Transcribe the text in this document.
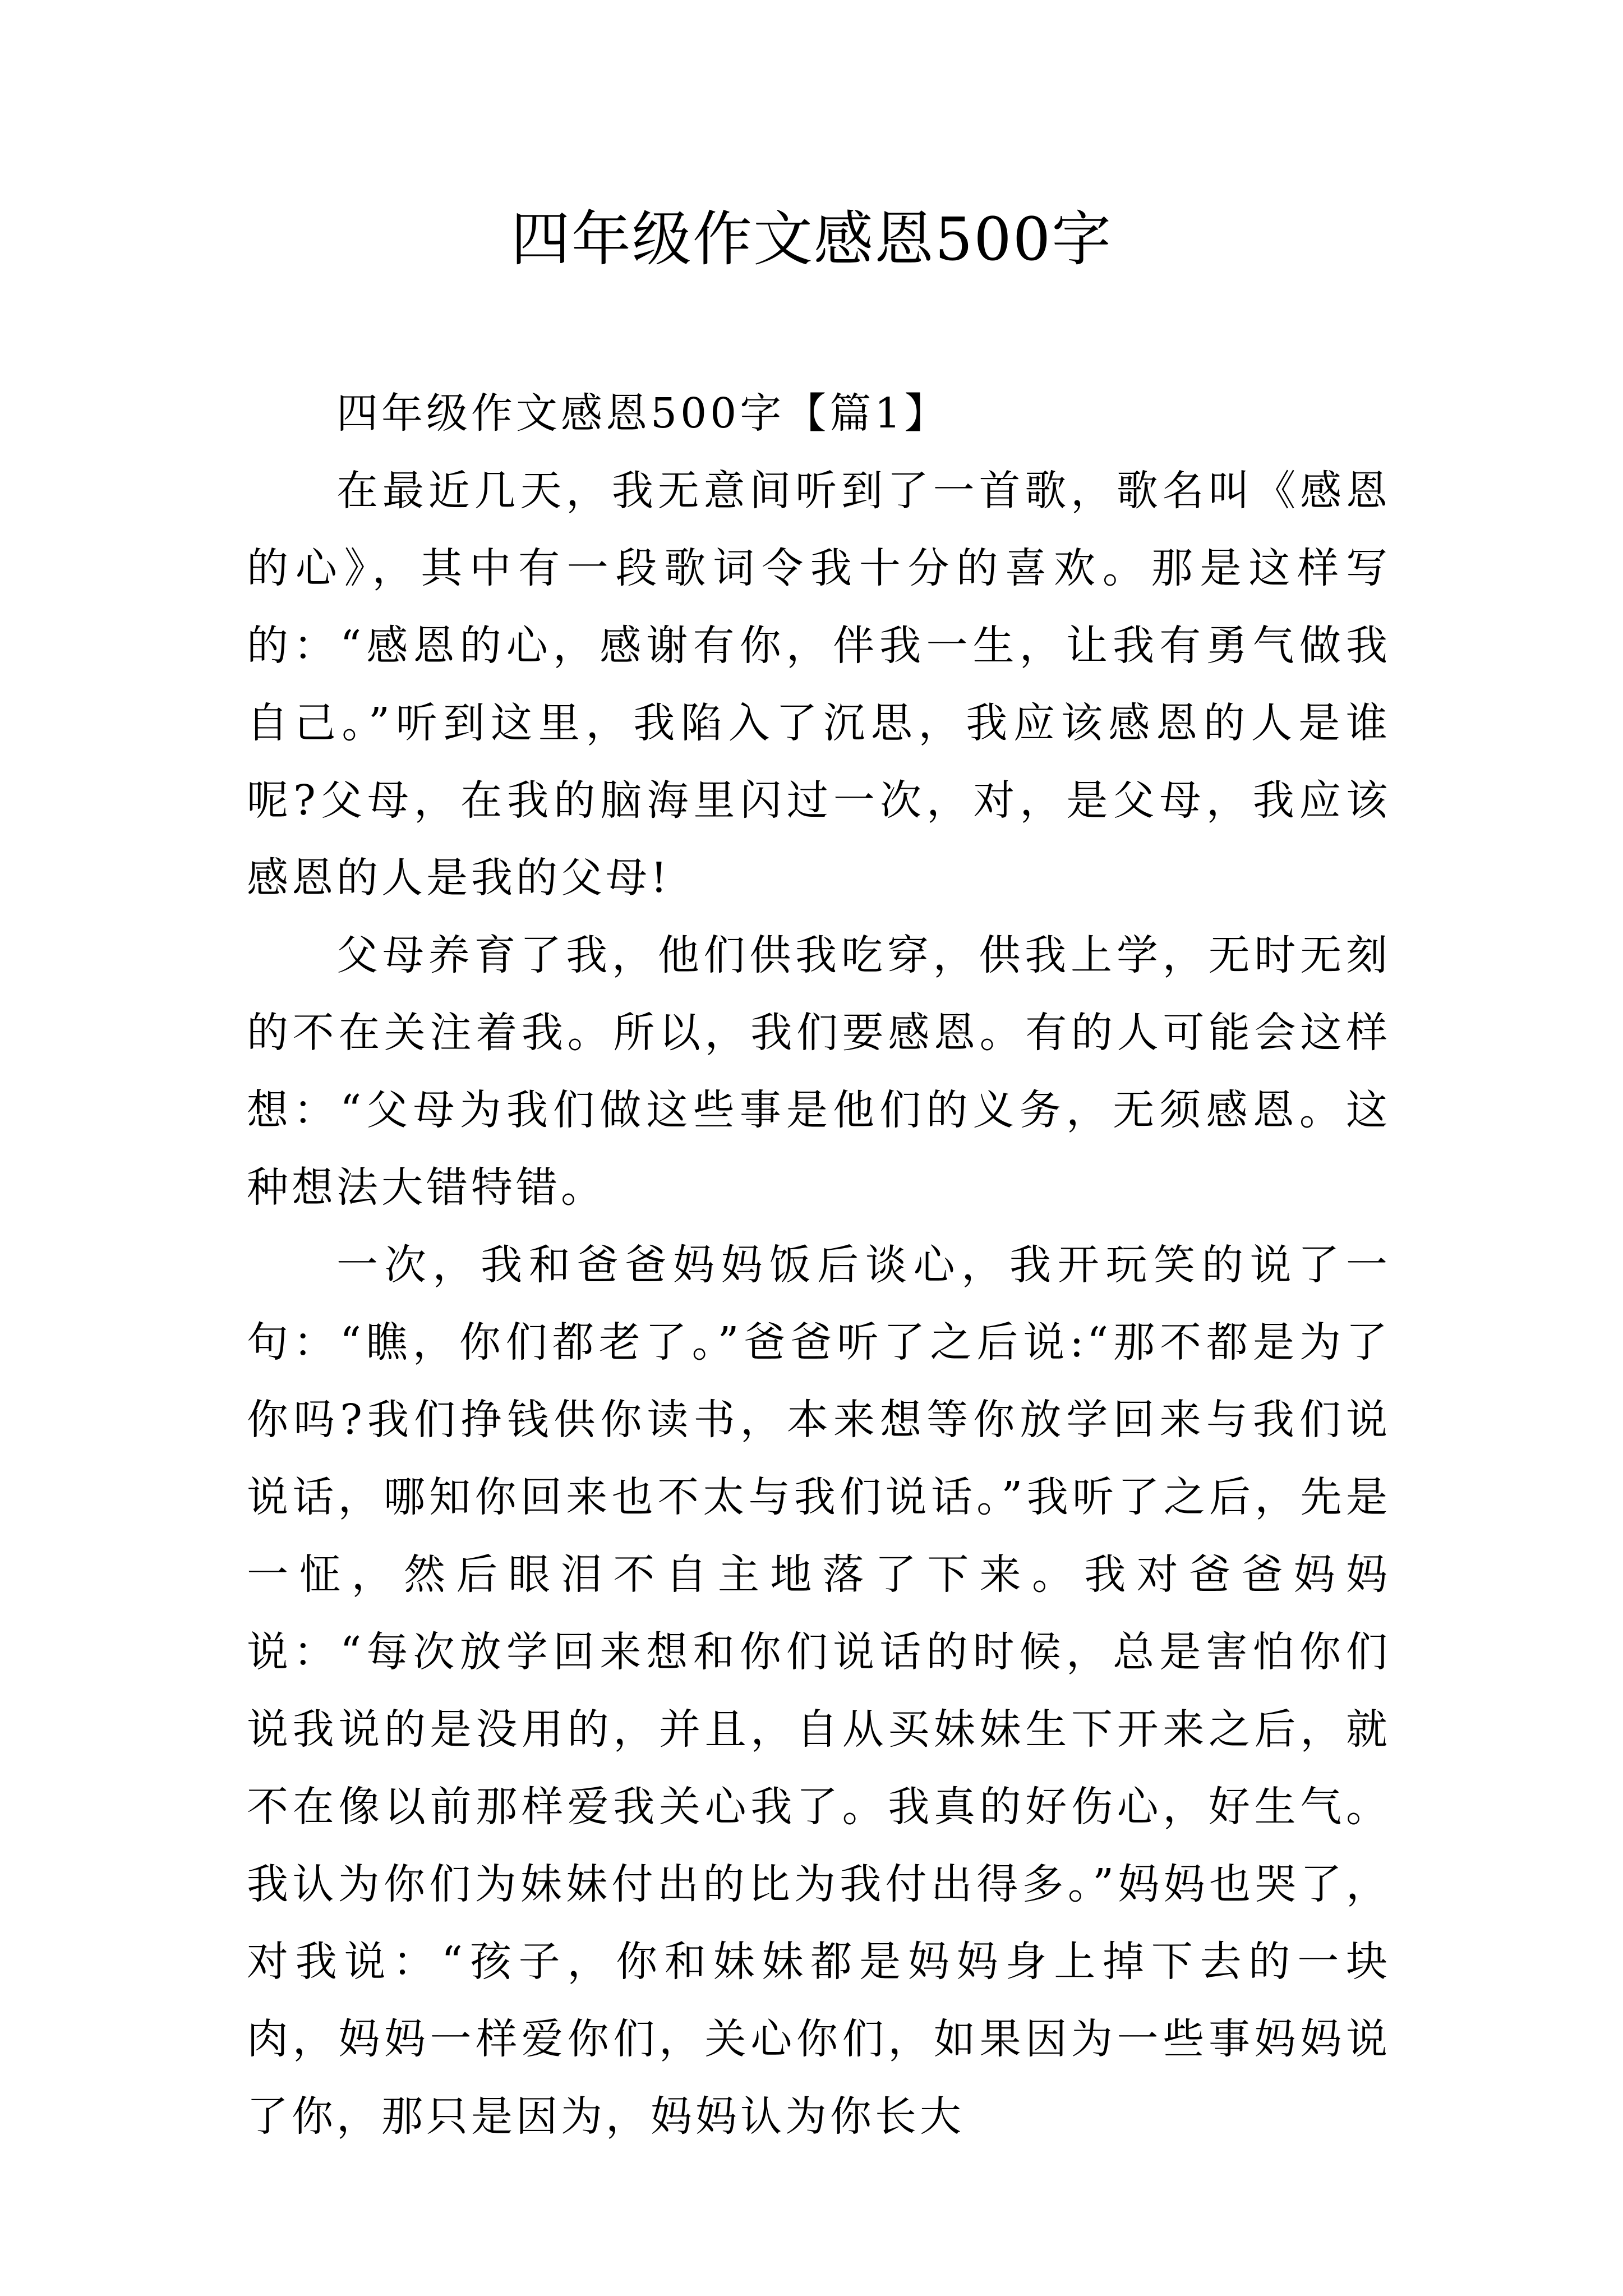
四年级作文感恩500字

四年级作文感恩500字【篇1】

在最近几天，我无意间听到了一首歌，歌名叫《感恩的心》，其中有一段歌词令我十分的喜欢。那是这样写的：“感恩的心，感谢有你，伴我一生，让我有勇气做我自己。”听到这里，我陷入了沉思，我应该感恩的人是谁呢?父母，在我的脑海里闪过一次，对，是父母，我应该感恩的人是我的父母!

父母养育了我，他们供我吃穿，供我上学，无时无刻的不在关注着我。所以，我们要感恩。有的人可能会这样想：“父母为我们做这些事是他们的义务，无须感恩。这种想法大错特错。

一次，我和爸爸妈妈饭后谈心，我开玩笑的说了一句：“瞧，你们都老了。”爸爸听了之后说:“那不都是为了你吗?我们挣钱供你读书，本来想等你放学回来与我们说说话，哪知你回来也不太与我们说话。”我听了之后，先是一怔，然后眼泪不自主地落了下来。我对爸爸妈妈说：“每次放学回来想和你们说话的时候，总是害怕你们说我说的是没用的，并且，自从买妹妹生下开来之后，就不在像以前那样爱我关心我了。我真的好伤心，好生气。我认为你们为妹妹付出的比为我付出得多。”妈妈也哭了，对我说：“孩子，你和妹妹都是妈妈身上掉下去的一块肉，妈妈一样爱你们，关心你们，如果因为一些事妈妈说了你，那只是因为，妈妈认为你长大
